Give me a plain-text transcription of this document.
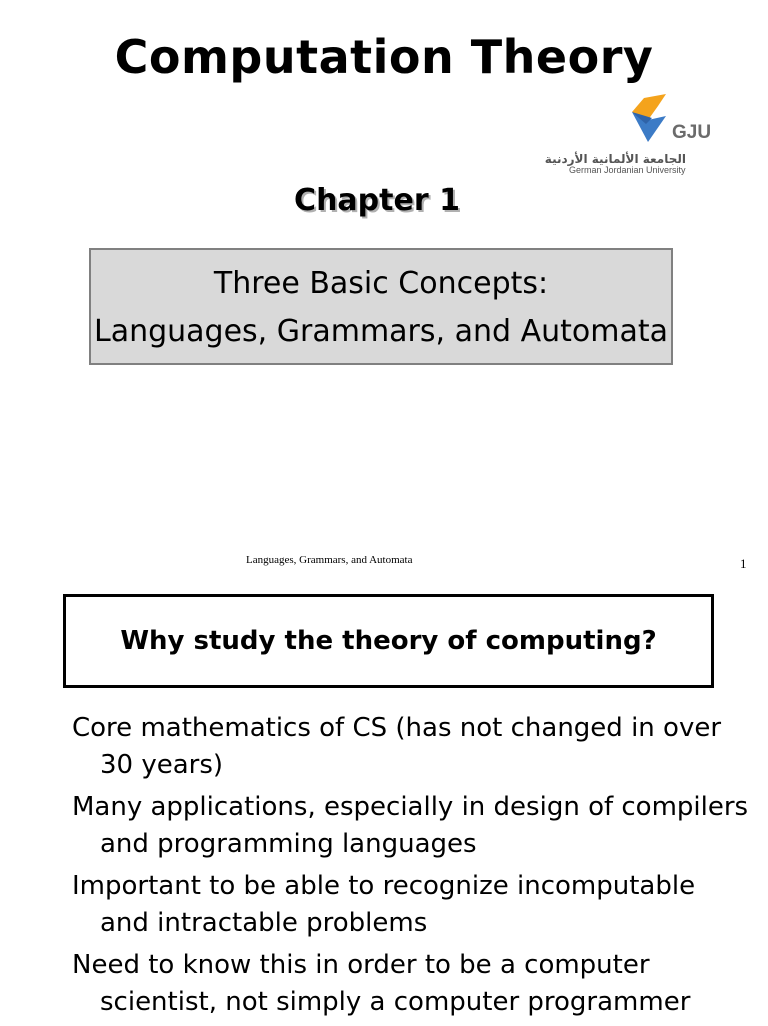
Computation Theory
GJU
الجامعة الألمانية الأردنية
German Jordanian University
Chapter 1
Three Basic Concepts:
Languages, Grammars, and Automata
Languages, Grammars, and Automata	1
Why study the theory of computing?
Core mathematics of CS (has not changed in over 30 years)
Many applications, especially in design of compilers and programming languages
Important to be able to recognize incomputable and intractable problems
Need to know this in order to be a computer scientist, not simply a computer programmer
